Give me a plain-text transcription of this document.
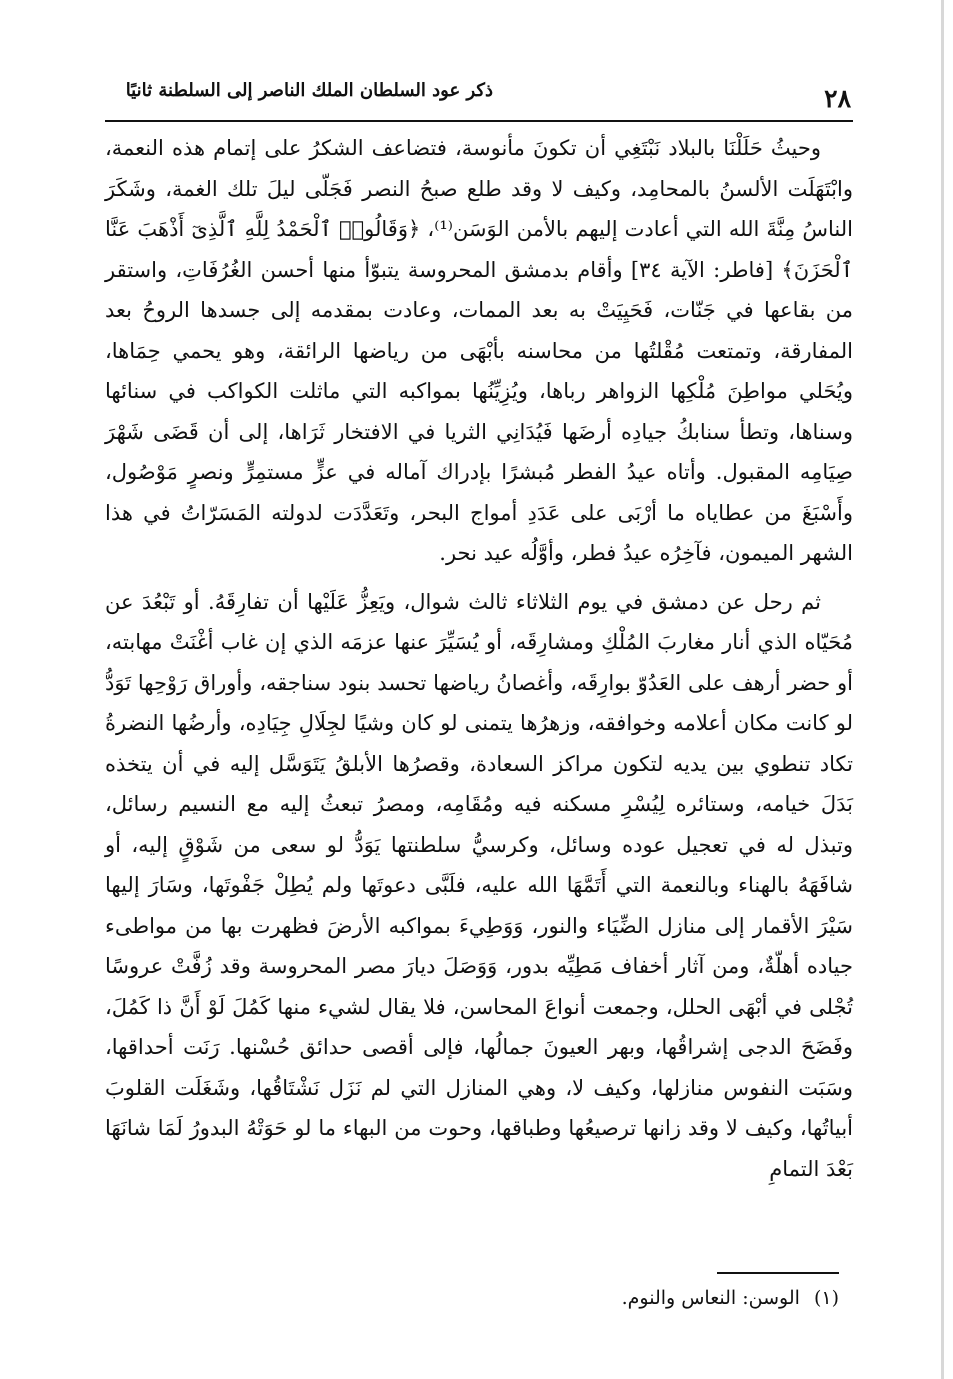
٢٨
ذكر عود السلطان الملك الناصر إلى السلطنة ثانيًا

وحيثُ حَلَلْنَا بالبلاد نَبْتَغِي أن تكونَ مأنوسة، فتضاعف الشكرُ على إتمام هذه النعمة، وابْتَهَلَت الألسنُ بالمحامِد، وكيف لا وقد طلع صبحُ النصر فَجَلّى ليلَ تلك الغمة، وشَكَرَ الناسُ مِنَّةَ الله التي أعادت إليهم بالأمن الوَسَن⁽¹⁾، ﴿وَقَالُوا۟ ٱلْحَمْدُ لِلَّهِ ٱلَّذِىٓ أَذْهَبَ عَنَّا ٱلْحَزَنَ﴾ [فاطر: الآية ٣٤] وأقام بدمشق المحروسة يتبوّأ منها أحسن الغُرُفَاتِ، واستقر من بقاعها في جَنّات، فَحَيِيَتْ به بعد الممات، وعادت بمقدمه إلى جسدها الروحُ بعد المفارقة، وتمتعت مُقْلتُها من محاسنه بأبْهَى من رياضها الرائقة، وهو يحمي حِمَاها، ويُحَلي مواطِنَ مُلْكِها الزواهر رباها، ويُزِيِّنُها بمواكبه التي ماثلت الكواكب في سنائها وسناها، وتطأ سنابكُ جيادِه أرضَها فَيُدَانِي الثريا في الافتخار ثَرَاها، إلى أن قَضَى شَهْرَ صِيَامِه المقبول. وأتاه عيدُ الفطر مُبشرًا بإدراك آماله في عزٍّ مستمِرٍّ ونصرٍ مَوْصُول، وأَسْبَغَ من عطاياه ما أرْبَى على عَدَدِ أمواج البحر، وتَعَدَّدَت لدولته المَسَرّاتُ في هذا الشهر الميمون، فآخِرُه عيدُ فطر، وأوَّلُه عيد نحر.

ثم رحل عن دمشق في يوم الثلاثاء ثالث شوال، ويَعِزُّ عَلَيْها أن تفارِقَهُ. أو تَبْعُدَ عن مُحَيّاه الذي أنار مغاربَ المُلْكِ ومشارِقَه، أو يُسَيِّرَ عنها عزمَه الذي إن غاب أغْنَتْ مهابته، أو حضر أرهف على العَدُوّ بوارِقَه، وأغصانُ رياضها تحسد بنود سناجقه، وأوراق رَوْحِها تَوَدُّ لو كانت مكان أعلامه وخوافقه، وزهرُها يتمنى لو كان وشيًا لجِلَالِ جِيَادِه، وأرضُها النضرةُ تكاد تنطوي بين يديه لتكون مراكز السعادة، وقصرُها الأبلقُ يَتَوَسَّل إليه في أن يتخذه بَدَلَ خيامه، وستائره لِيُسْرِ مسكنه فيه ومُقَامِه، ومصرُ تبعثُ إليه مع النسيم رسائل، وتبذل له في تعجيل عوده وسائل، وكرسيُّ سلطنتها يَوَدُّ لو سعى من شَوْقٍ إليه، أو شافَهَهُ بالهناء وبالنعمة التي أَتَمَّهَا الله عليه، فلَبَّى دعوتَها ولم يُطِلْ جَفْوتَها، وسَارَ إليها سَيْرَ الأقمار إلى منازل الضِّيَاء والنور، وَوَطِيءَ بمواكبه الأرضَ فظهرت بها من مواطىء جياده أهلّةٌ، ومن آثار أخفاف مَطِيِّه بدور، وَوَصَلَ ديارَ مصر المحروسة وقد زُفَّتْ عروسًا تُجْلى في أبْهَى الحلل، وجمعت أنواعَ المحاسن، فلا يقال لشيء منها كَمُلَ لَوْ أَنَّ ذا كَمُلَ، وفَضَحَ الدجى إشراقُها، وبهر العيونَ جمالُها، فإلى أقصى حدائق حُسْنها. رَنَت أحداقها، وسَبَت النفوس منازلها، وكيف لا، وهي المنازل التي لم نَزَل نَشْتَاقُها، وشَغَلَت القلوبَ أبياتُها، وكيف لا وقد زانها ترصيعُها وطباقها، وحوت من البهاء ما لو حَوَتْهُ البدورُ لَمَا شانَهَا بَعْدَ التمامِ

(١) الوسن: النعاس والنوم.
